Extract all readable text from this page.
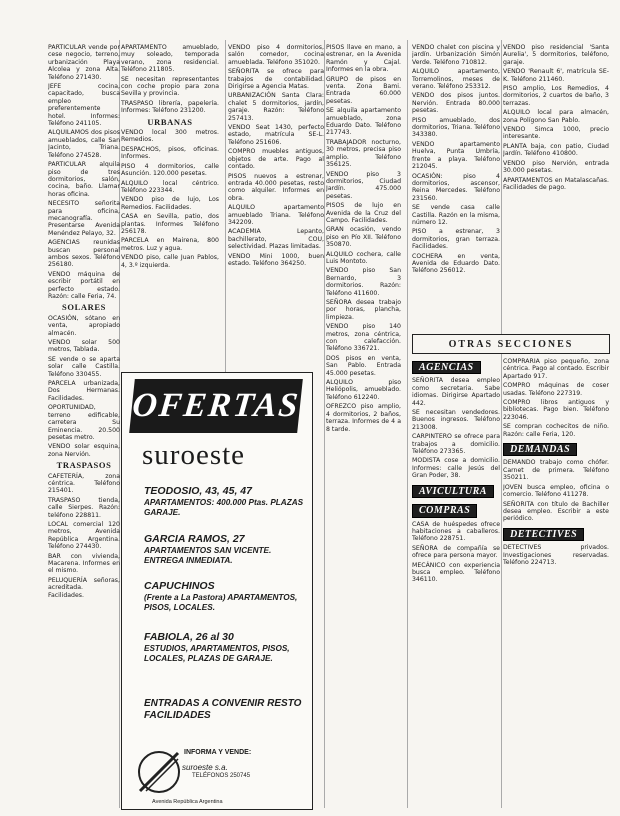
PARTICULAR vende por cese negocio, terreno, urbanización Playa Alcolea y zona Alta. Teléfono 271430.

JEFE cocina, capacitado, busca empleo preferentemente hotel. Informes: Teléfono 241105.

ALQUILAMOS dos pisos amueblados, calle San Jacinto, Triana. Teléfono 274528.

PARTICULAR alquila piso de tres dormitorios, salón, cocina, baño. Llamar horas oficina.

NECESITO señorita para oficina, mecanografía. Presentarse Avenida Menéndez Pelayo, 32.

AGENCIAS reunidas buscan personal ambos sexos. Teléfono 256180.

VENDO máquina de escribir portátil en perfecto estado. Razón: calle Feria, 74.

SOLARES

OCASIÓN, sótano en venta, apropiado almacén.

VENDO solar 500 metros, Tablada.

SE vende o se aparta solar calle Castilla. Teléfono 330455.

PARCELA urbanizada, Dos Hermanas. Facilidades.

OPORTUNIDAD, terreno edificable, carretera Su Eminencia. 20.500 pesetas metro.

VENDO solar esquina, zona Nervión.

TRASPASOS

CAFETERÍA, zona céntrica. Teléfono 215401.

TRASPASO tienda, calle Sierpes. Razón: teléfono 228811.

LOCAL comercial 120 metros, Avenida República Argentina. Teléfono 274430.

BAR con vivienda, Macarena. Informes en el mismo.

PELUQUERÍA señoras, acreditada. Facilidades.

APARTAMENTO amueblado, muy soleado, temporada verano, zona residencial. Teléfono 211805.

SE necesitan representantes con coche propio para zona Sevilla y provincia.

TRASPASO librería, papelería. Informes: Teléfono 231200.

URBANAS

VENDO local 300 metros. Remedios.

DESPACHOS, pisos, oficinas. Informes.

PISO 4 dormitorios, calle Asunción. 120.000 pesetas.

ALQUILO local céntrico. Teléfono 223344.

VENDO piso de lujo, Los Remedios. Facilidades.

CASA en Sevilla, patio, dos plantas. Informes Teléfono 256178.

PARCELA en Mairena, 800 metros. Luz y agua.

VENDO piso, calle Juan Pablos, 4, 3.º izquierda.

VENDO piso 4 dormitorios, salón comedor, cocina amueblada. Teléfono 351020.

SEÑORITA se ofrece para trabajos de contabilidad. Dirigirse a Agencia Matas.

URBANIZACIÓN Santa Clara: chalet 5 dormitorios, jardín, garaje. Razón: Teléfono 257413.

VENDO Seat 1430, perfecto estado, matrícula SE-L. Teléfono 251606.

COMPRO muebles antiguos, objetos de arte. Pago al contado.

PISOS nuevos a estrenar, entrada 40.000 pesetas, resto como alquiler. Informes en obra.

ALQUILO apartamento amueblado Triana. Teléfono 342209.

ACADEMIA Lepanto, bachillerato, COU, selectividad. Plazas limitadas.

VENDO Mini 1000, buen estado. Teléfono 364250.

PISOS llave en mano, a estrenar, en la Avenida Ramón y Cajal. Informes en la obra.

GRUPO de pisos en venta. Zona Bami. Entrada 60.000 pesetas.

SE alquila apartamento amueblado, zona Eduardo Dato. Teléfono 217743.

TRABAJADOR nocturno, 30 metros, precisa piso amplio. Teléfono 356125.

VENDO piso 3 dormitorios, Ciudad Jardín. 475.000 pesetas.

PISOS de lujo en Avenida de la Cruz del Campo. Facilidades.

GRAN ocasión, vendo piso en Pío XII. Teléfono 350870.

ALQUILO cochera, calle Luis Montoto.

VENDO piso San Bernardo, 3 dormitorios. Razón: Teléfono 411600.

SEÑORA desea trabajo por horas, plancha, limpieza.

VENDO piso 140 metros, zona céntrica, con calefacción. Teléfono 336721.

DOS pisos en venta, San Pablo. Entrada 45.000 pesetas.

ALQUILO piso Heliópolis, amueblado. Teléfono 612240.

OFREZCO piso amplio, 4 dormitorios, 2 baños, terraza. Informes de 4 a 8 tarde.

VENDO chalet con piscina y jardín. Urbanización Simón Verde. Teléfono 710812.

ALQUILO apartamento, Torremolinos, meses de verano. Teléfono 253312.

VENDO dos pisos juntos. Nervión. Entrada 80.000 pesetas.

PISO amueblado, dos dormitorios, Triana. Teléfono 343380.

VENDO apartamento Huelva, Punta Umbría, frente a playa. Teléfono 212045.

OCASIÓN: piso 4 dormitorios, ascensor, Reina Mercedes. Teléfono 231560.

SE vende casa calle Castilla. Razón en la misma, número 12.

PISO a estrenar, 3 dormitorios, gran terraza. Facilidades.

COCHERA en venta, Avenida de Eduardo Dato. Teléfono 256012.

VENDO piso residencial 'Santa Aurelia', 5 dormitorios, teléfono, garaje.

VENDO 'Renault 6', matrícula SE-K. Teléfono 211460.

PISO amplio, Los Remedios, 4 dormitorios, 2 cuartos de baño, 3 terrazas.

ALQUILO local para almacén, zona Polígono San Pablo.

VENDO Simca 1000, precio interesante.

PLANTA baja, con patio, Ciudad Jardín. Teléfono 410800.

VENDO piso Nervión, entrada 30.000 pesetas.

APARTAMENTOS en Matalascañas. Facilidades de pago.

OTRAS SECCIONES
AGENCIAS

SEÑORITA desea empleo como secretaria. Sabe idiomas. Dirigirse Apartado 442.

SE necesitan vendedores. Buenos ingresos. Teléfono 213008.

CARPINTERO se ofrece para trabajos a domicilio. Teléfono 273365.

MODISTA cose a domicilio. Informes: calle Jesús del Gran Poder, 38.

AVICULTURA COMPRAS

CASA de huéspedes ofrece habitaciones a caballeros. Teléfono 228751.

SEÑORA de compañía se ofrece para persona mayor.

MECÁNICO con experiencia busca empleo. Teléfono 346110.

COMPRARÍA piso pequeño, zona céntrica. Pago al contado. Escribir Apartado 917.

COMPRO máquinas de coser usadas. Teléfono 227319.

COMPRO libros antiguos y bibliotecas. Pago bien. Teléfono 223046.

SE compran cochecitos de niño. Razón: calle Feria, 120.

DEMANDAS

DEMANDO trabajo como chófer. Carnet de primera. Teléfono 350211.

JOVEN busca empleo, oficina o comercio. Teléfono 411278.

SEÑORITA con título de Bachiller desea empleo. Escribir a este periódico.

DETECTIVES

DETECTIVES privados. Investigaciones reservadas. Teléfono 224713.

OFERTAS
suroeste
TEODOSIO, 43, 45, 47
APARTAMENTOS: 400.000 Ptas. PLAZAS GARAJE.
GARCIA RAMOS, 27
APARTAMENTOS SAN VICENTE. ENTREGA INMEDIATA.
CAPUCHINOS
(Frente a La Pastora) APARTAMENTOS, PISOS, LOCALES.
FABIOLA, 26 al 30
ESTUDIOS, APARTAMENTOS, PISOS, LOCALES, PLAZAS DE GARAJE.
ENTRADAS A CONVENIR RESTO FACILIDADES
INFORMA Y VENDE:
suroeste s.a.
TELÉFONOS 250745
Avenida República Argentina
